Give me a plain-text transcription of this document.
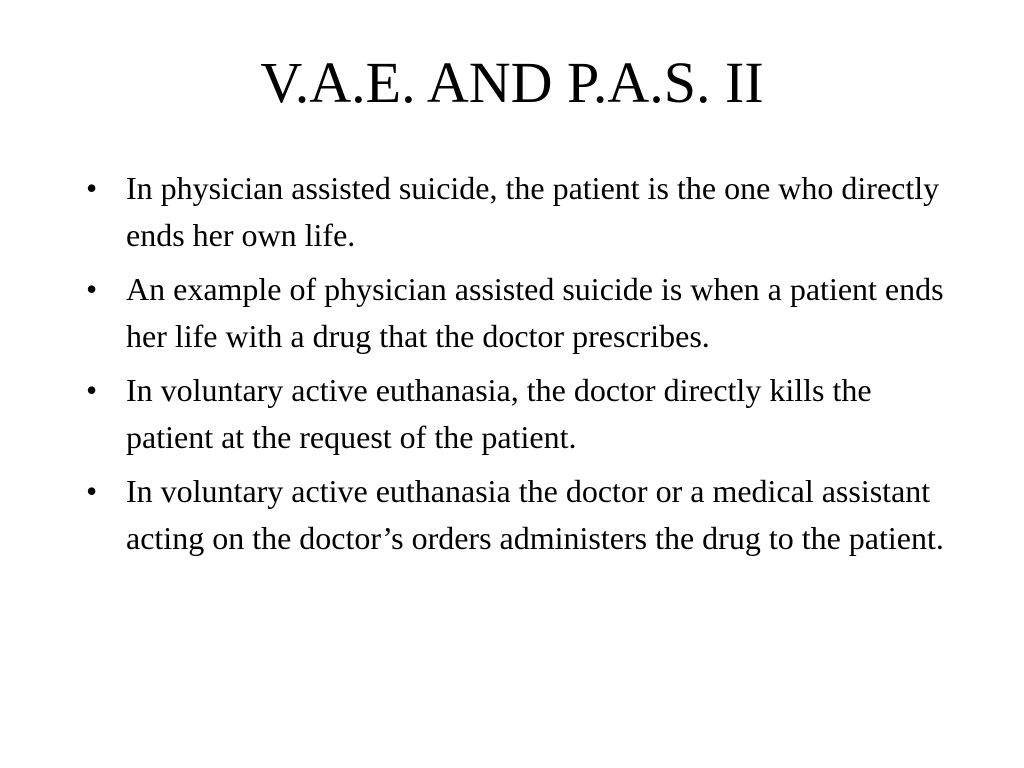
V.A.E. AND P.A.S. II
• In physician assisted suicide, the patient is the one who directly ends her own life.
• An example of physician assisted suicide is when a patient ends her life with a drug that the doctor prescribes.
• In voluntary active euthanasia, the doctor directly kills the patient at the request of the patient.
• In voluntary active euthanasia the doctor or a medical assistant acting on the doctor’s orders administers the drug to the patient.
